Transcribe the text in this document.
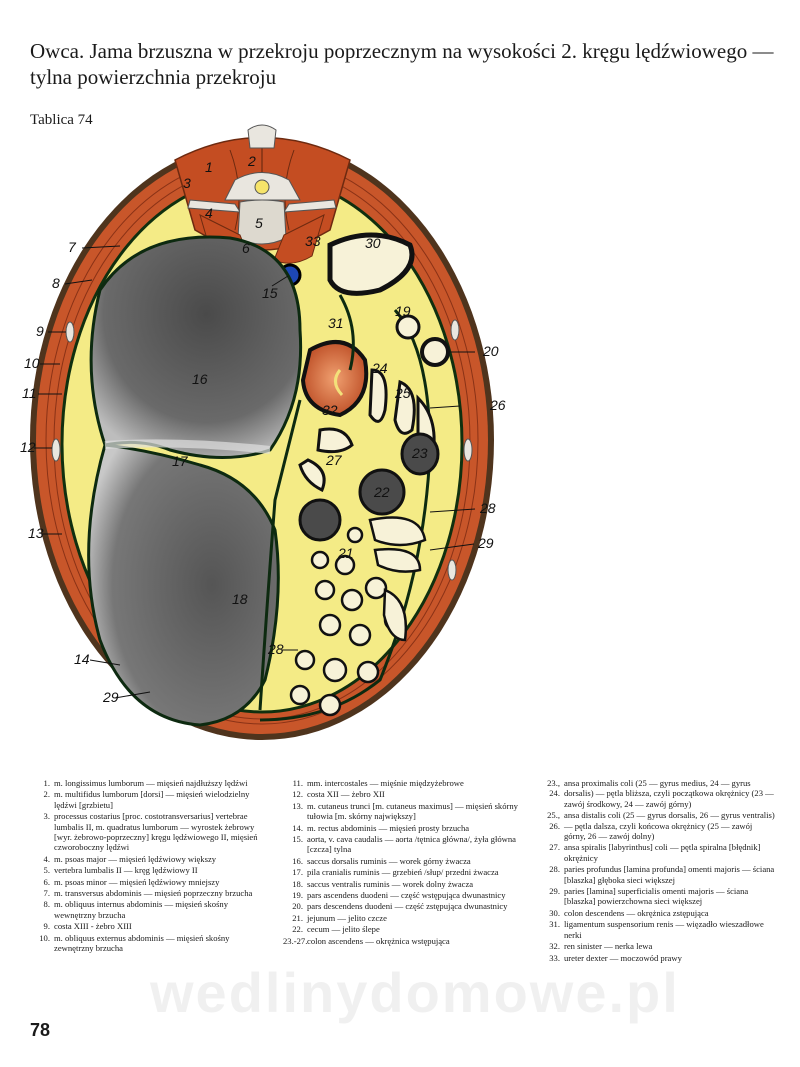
Owca. Jama brzuszna w przekroju poprzecznym na wysokości 2. kręgu lędźwiowego —
tylna powierzchnia przekroju
Tablica 74
1	2
3
4
5
6
7
8
9
10
11
12
13
14
15
16
17
18
19
20
21
22
23
24
25
26
27
28
29
30
31
32
33
29
28
1. m. longissimus lumborum — mięsień najdłuższy lędźwi
2. m. multifidus lumborum [dorsi] — mięsień wielodzielny lędźwi [grzbietu]
3. processus costarius [proc. costotransversarius] vertebrae lumbalis II, m. quadratus lumborum — wyrostek żebrowy [wyr. żebrowo-poprzeczny] kręgu lędźwiowego II, mięsień czworoboczny lędźwi
4. m. psoas major — mięsień lędźwiowy większy
5. vertebra lumbalis II — kręg lędźwiowy II
6. m. psoas minor — mięsień lędźwiowy mniejszy
7. m. transversus abdominis — mięsień poprzeczny brzucha
8. m. obliquus internus abdominis — mięsień skośny wewnętrzny brzucha
9. costa XIII - żebro XIII
10. m. obliquus externus abdominis — mięsień skośny zewnętrzny brzucha
11. mm. intercostales — mięśnie międzyżebrowe
12. costa XII — żebro XII
13. m. cutaneus trunci [m. cutaneus maximus] — mięsień skórny tułowia [m. skórny największy]
14. m. rectus abdominis — mięsień prosty brzucha
15. aorta, v. cava caudalis — aorta /tętnica główna/, żyła główna [czcza] tylna
16. saccus dorsalis ruminis — worek górny żwacza
17. pila cranialis ruminis — grzebień /słup/ przedni żwacza
18. saccus ventralis ruminis — worek dolny żwacza
19. pars ascendens duodeni — część wstępująca dwunastnicy
20. pars descendens duodeni — część zstępująca dwunastnicy
21. jejunum — jelito czcze
22. cecum — jelito ślepe
23.-27. colon ascendens — okrężnica wstępująca
23., 24.
ansa proximalis coli (25 — gyrus medius, 24 — gyrus dorsalis) — pętla bliższa, czyli początkowa okrężnicy (23 — zawój środkowy, 24 — zawój górny)
25., 26.
ansa distalis coli (25 — gyrus dorsalis, 26 — gyrus ventralis) — pętla dalsza, czyli końcowa okrężnicy (25 — zawój górny, 26 — zawój dolny)
27. ansa spiralis [labyrinthus] coli — pętla spiralna [błędnik] okrężnicy
28. paries profundus [lamina profunda] omenti majoris — ściana [blaszka] głęboka sieci większej
29. paries [lamina] superficialis omenti majoris — ściana [blaszka] powierzchowna sieci większej
30. colon descendens — okrężnica zstępująca
31. ligamentum suspensorium renis — więzadło wieszadłowe nerki
32. ren sinister — nerka lewa
33. ureter dexter — moczowód prawy
wedlinydomowe.pl
78
